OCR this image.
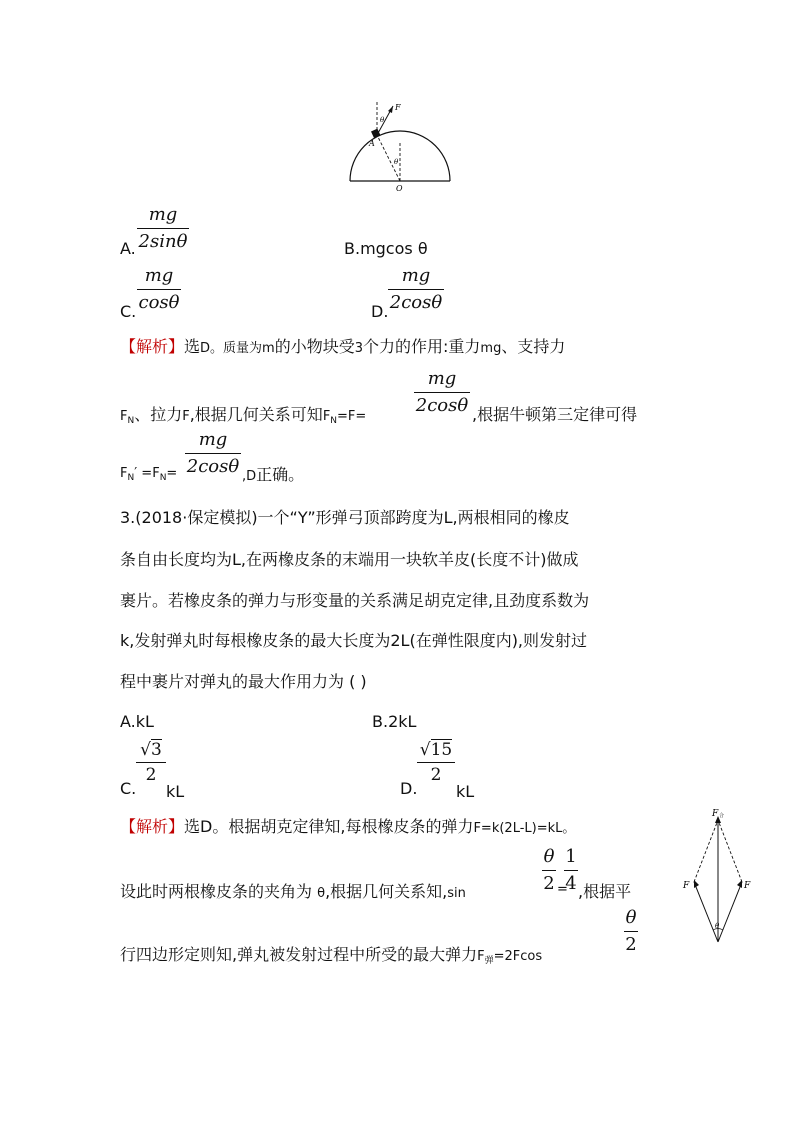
F
θ
A
θ
O
A.
mg
2sinθ	B.mgcos θ
C.
mg
cosθ	D.
mg
2cosθ
【解析】选D。质量为m的小物块受3个力的作用:重力mg、支持力
FN、拉力F,根据几何关系可知FN=F=
mg
2cosθ ,根据牛顿第三定律可得
FN′ =FN=
mg
2cosθ ,D正确。
3.(2018·保定模拟)一个“Y”形弹弓顶部跨度为L,两根相同的橡皮
条自由长度均为L,在两橡皮条的末端用一块软羊皮(长度不计)做成
裹片。若橡皮条的弹力与形变量的关系满足胡克定律,且劲度系数为
k,发射弹丸时每根橡皮条的最大长度为2L(在弹性限度内),则发射过
程中裹片对弹丸的最大作用力为 ( )
A.kL	B.2kL
C.
√3
2
kL	D.
√15
2
kL
【解析】选D。根据胡克定律知,每根橡皮条的弹力F=k(2L-L)=kL。
设此时两根橡皮条的夹角为 θ,根据几何关系知,sin
θ
2 =
1
4 ,根据平
行四边形定则知,弹丸被发射过程中所受的最大弹力F弹=2Fcos
θ
2
F 合
F	F
θ
